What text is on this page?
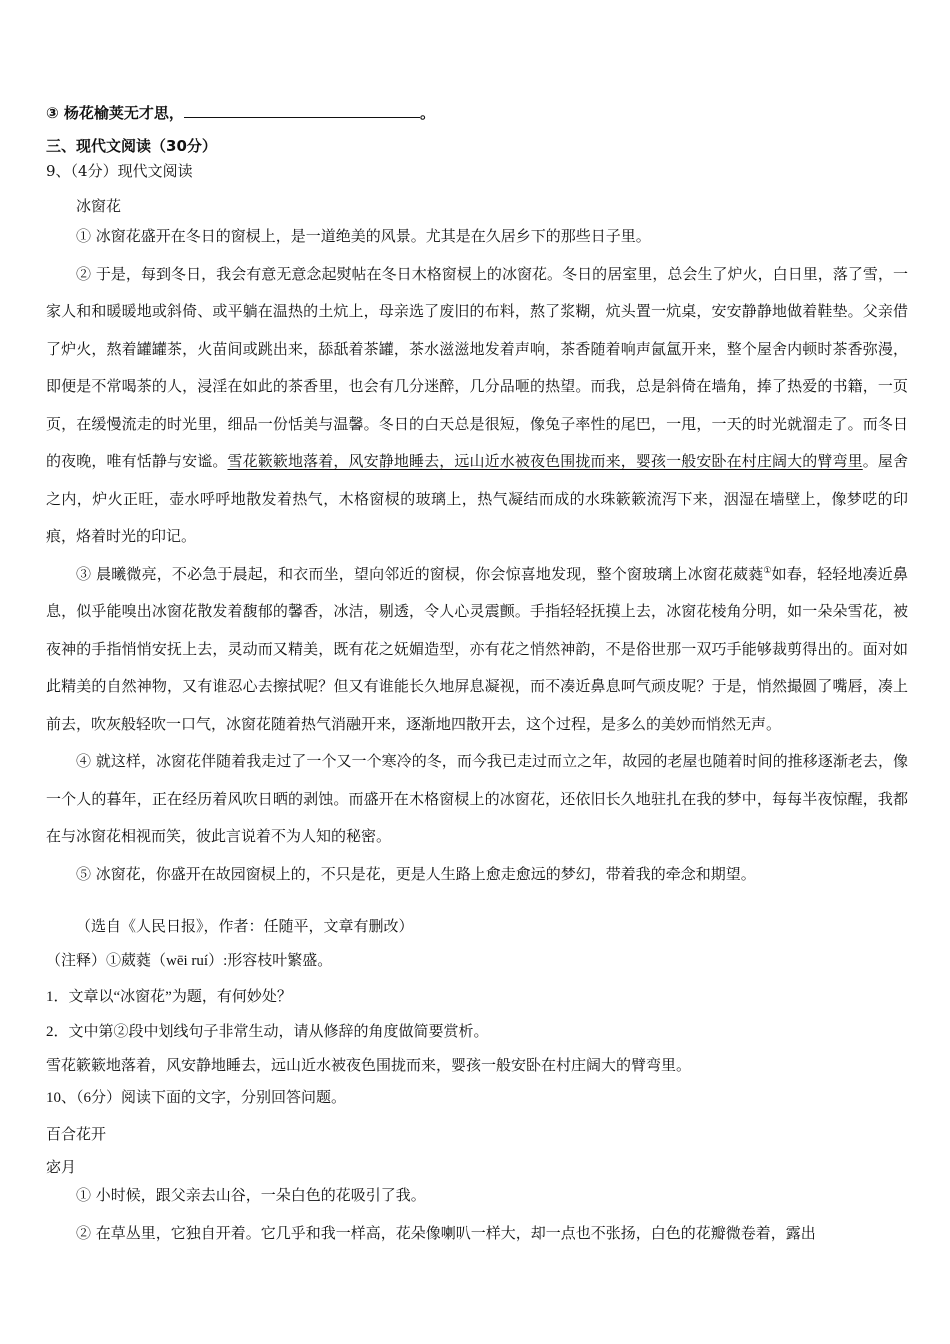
③ 杨花榆荚无才思，	。
三、现代文阅读（30分）
9、（4分）现代文阅读
冰窗花

① 冰窗花盛开在冬日的窗棂上，是一道绝美的风景。尤其是在久居乡下的那些日子里。

② 于是，每到冬日，我会有意无意念起熨帖在冬日木格窗棂上的冰窗花。冬日的居室里，总会生了炉火，白日里，落了雪，一家人和和暖暖地或斜倚、或平躺在温热的土炕上，母亲选了废旧的布料，熬了浆糊，炕头置一炕桌，安安静静地做着鞋垫。父亲借了炉火，熬着罐罐茶，火苗间或跳出来，舔舐着茶罐，茶水滋滋地发着声响，茶香随着响声氤氲开来，整个屋舍内顿时茶香弥漫，即便是不常喝茶的人，浸淫在如此的茶香里，也会有几分迷醉，几分品咂的热望。而我，总是斜倚在墙角，捧了热爱的书籍，一页页，在缓慢流走的时光里，细品一份恬美与温馨。冬日的白天总是很短，像兔子率性的尾巴，一甩，一天的时光就溜走了。而冬日的夜晚，唯有恬静与安谧。雪花簌簌地落着，风安静地睡去，远山近水被夜色围拢而来，婴孩一般安卧在村庄阔大的臂弯里。屋舍之内，炉火正旺，壶水呼呼地散发着热气，木格窗棂的玻璃上，热气凝结而成的水珠簌簌流泻下来，洇湿在墙壁上，像梦呓的印痕，烙着时光的印记。

③ 晨曦微亮，不必急于晨起，和衣而坐，望向邻近的窗棂，你会惊喜地发现，整个窗玻璃上冰窗花葳蕤①如春，轻轻地凑近鼻息，似乎能嗅出冰窗花散发着馥郁的馨香，冰洁，剔透，令人心灵震颤。手指轻轻抚摸上去，冰窗花棱角分明，如一朵朵雪花，被夜神的手指悄悄安抚上去，灵动而又精美，既有花之妩媚造型，亦有花之悄然神韵，不是俗世那一双巧手能够裁剪得出的。面对如此精美的自然神物，又有谁忍心去擦拭呢？但又有谁能长久地屏息凝视，而不凑近鼻息呵气顽皮呢？于是，悄然撮圆了嘴唇，凑上前去，吹灰般轻吹一口气，冰窗花随着热气消融开来，逐渐地四散开去，这个过程，是多么的美妙而悄然无声。

④ 就这样，冰窗花伴随着我走过了一个又一个寒冷的冬，而今我已走过而立之年，故园的老屋也随着时间的推移逐渐老去，像一个人的暮年，正在经历着风吹日晒的剥蚀。而盛开在木格窗棂上的冰窗花，还依旧长久地驻扎在我的梦中，每每半夜惊醒，我都在与冰窗花相视而笑，彼此言说着不为人知的秘密。

⑤ 冰窗花，你盛开在故园窗棂上的，不只是花，更是人生路上愈走愈远的梦幻，带着我的牵念和期望。

（选自《人民日报》，作者：任随平，文章有删改）
（注释）①葳蕤（wēi ruí）:形容枝叶繁盛。
1．文章以“冰窗花”为题，有何妙处？
2．文中第②段中划线句子非常生动，请从修辞的角度做简要赏析。
雪花簌簌地落着，风安静地睡去，远山近水被夜色围拢而来，婴孩一般安卧在村庄阔大的臂弯里。
10、（6分）阅读下面的文字，分别回答问题。
百合花开
宓月

① 小时候，跟父亲去山谷，一朵白色的花吸引了我。

② 在草丛里，它独自开着。它几乎和我一样高，花朵像喇叭一样大，却一点也不张扬，白色的花瓣微卷着，露出
